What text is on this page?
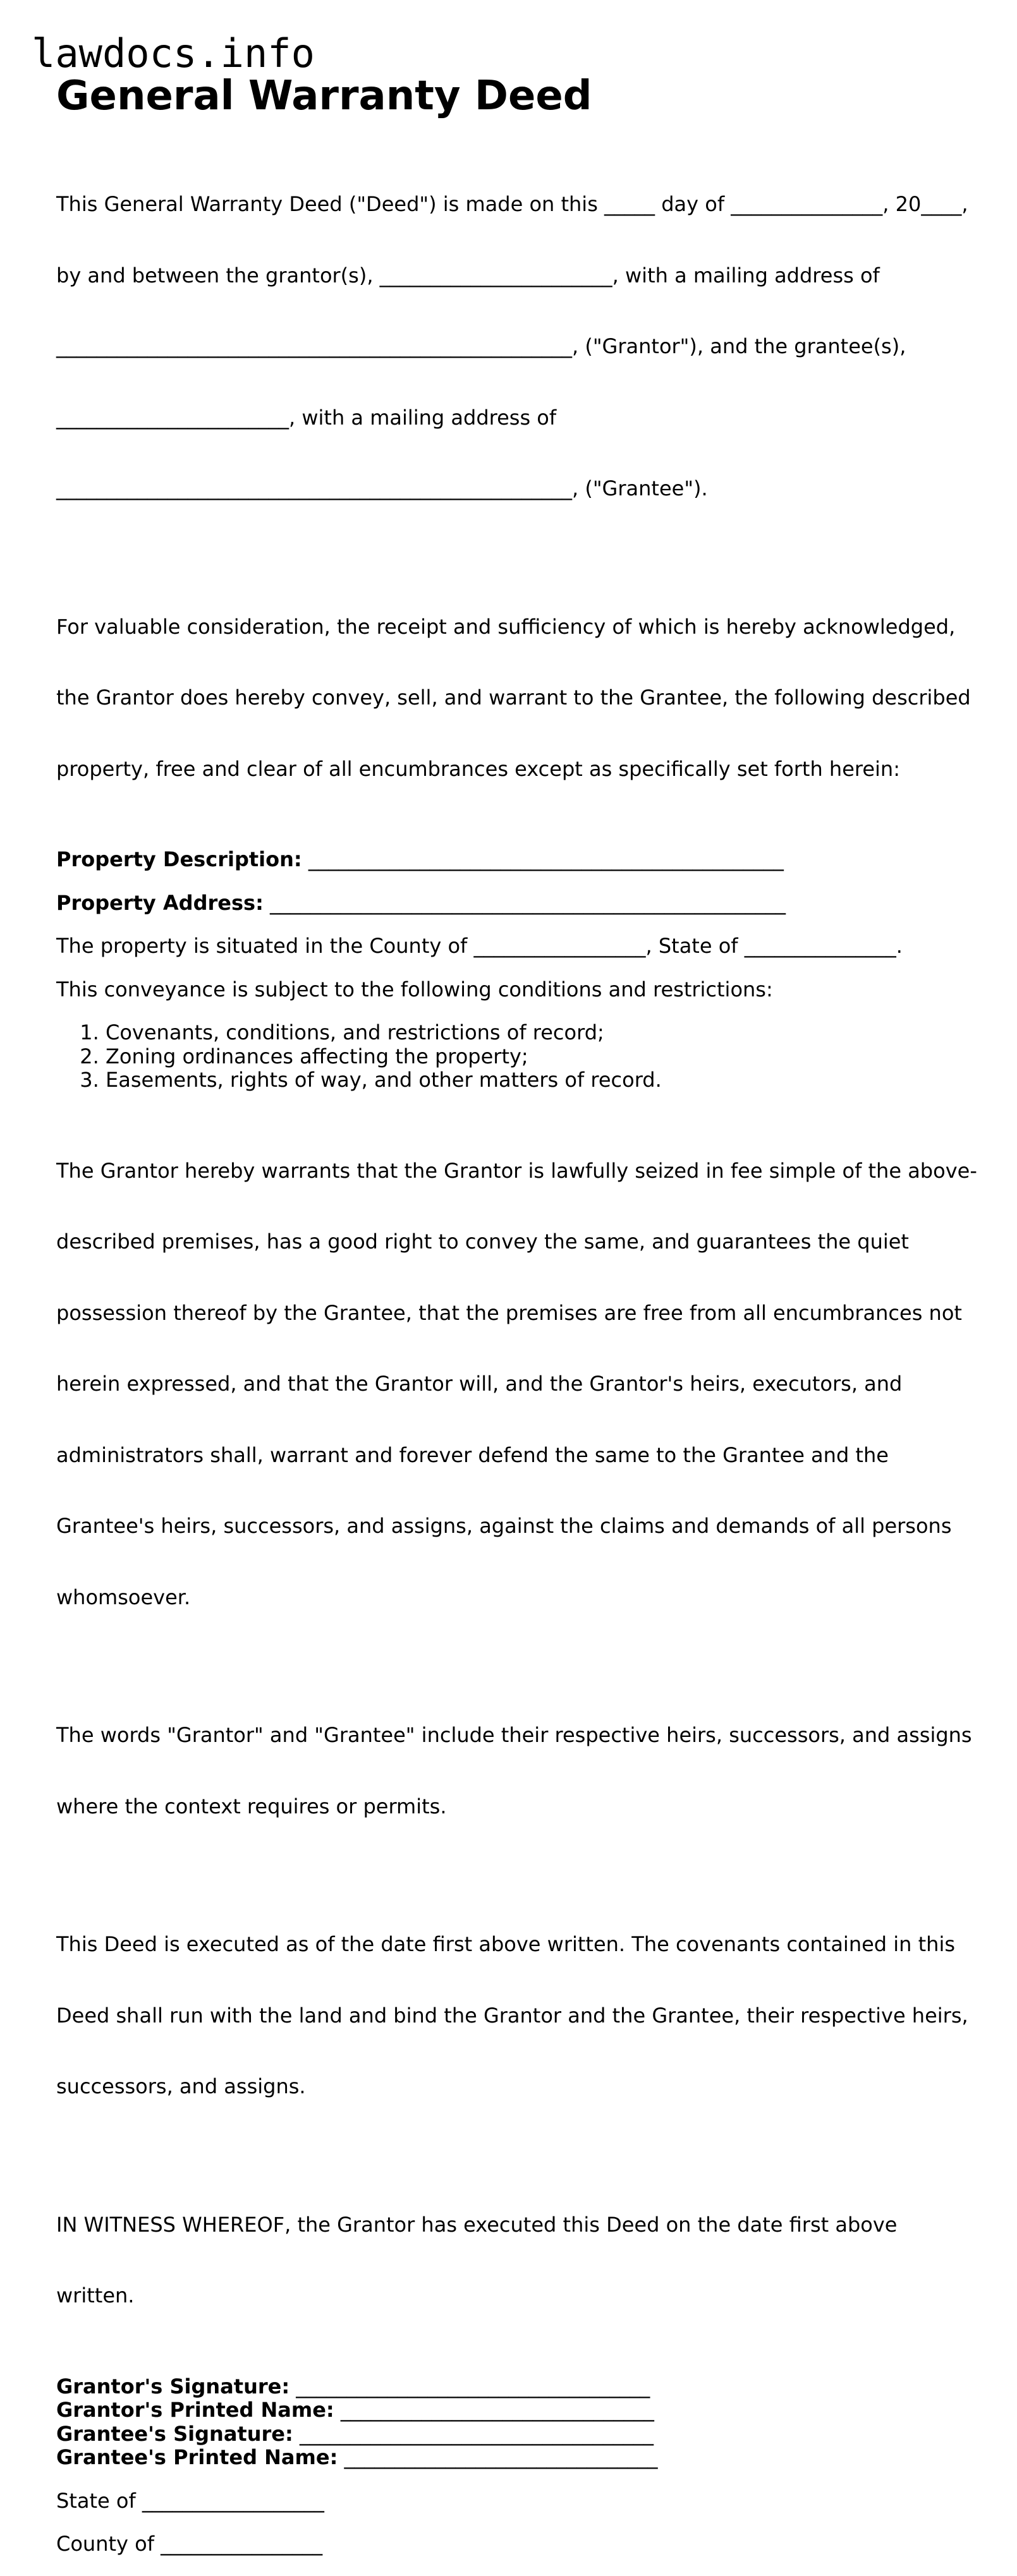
lawdocs.info
General Warranty Deed

This General Warranty Deed ("Deed") is made on this _____ day of _______________, 20____,

by and between the grantor(s), _______________________, with a mailing address of

___________________________________________________, ("Grantor"), and the grantee(s),

_______________________, with a mailing address of

___________________________________________________, ("Grantee").

For valuable consideration, the receipt and sufficiency of which is hereby acknowledged,

the Grantor does hereby convey, sell, and warrant to the Grantee, the following described

property, free and clear of all encumbrances except as specifically set forth herein:

Property Description: _______________________________________________
Property Address: ___________________________________________________
The property is situated in the County of _________________, State of _______________.
This conveyance is subject to the following conditions and restrictions:
1. Covenants, conditions, and restrictions of record;
2. Zoning ordinances affecting the property;
3. Easements, rights of way, and other matters of record.

The Grantor hereby warrants that the Grantor is lawfully seized in fee simple of the above-

described premises, has a good right to convey the same, and guarantees the quiet

possession thereof by the Grantee, that the premises are free from all encumbrances not

herein expressed, and that the Grantor will, and the Grantor's heirs, executors, and

administrators shall, warrant and forever defend the same to the Grantee and the

Grantee's heirs, successors, and assigns, against the claims and demands of all persons

whomsoever.

The words "Grantor" and "Grantee" include their respective heirs, successors, and assigns

where the context requires or permits.

This Deed is executed as of the date first above written. The covenants contained in this

Deed shall run with the land and bind the Grantor and the Grantee, their respective heirs,

successors, and assigns.

IN WITNESS WHEREOF, the Grantor has executed this Deed on the date first above

written.

Grantor's Signature: ___________________________________
Grantor's Printed Name: _______________________________
Grantee's Signature: ___________________________________
Grantee's Printed Name: _______________________________
State of __________________
County of ________________
